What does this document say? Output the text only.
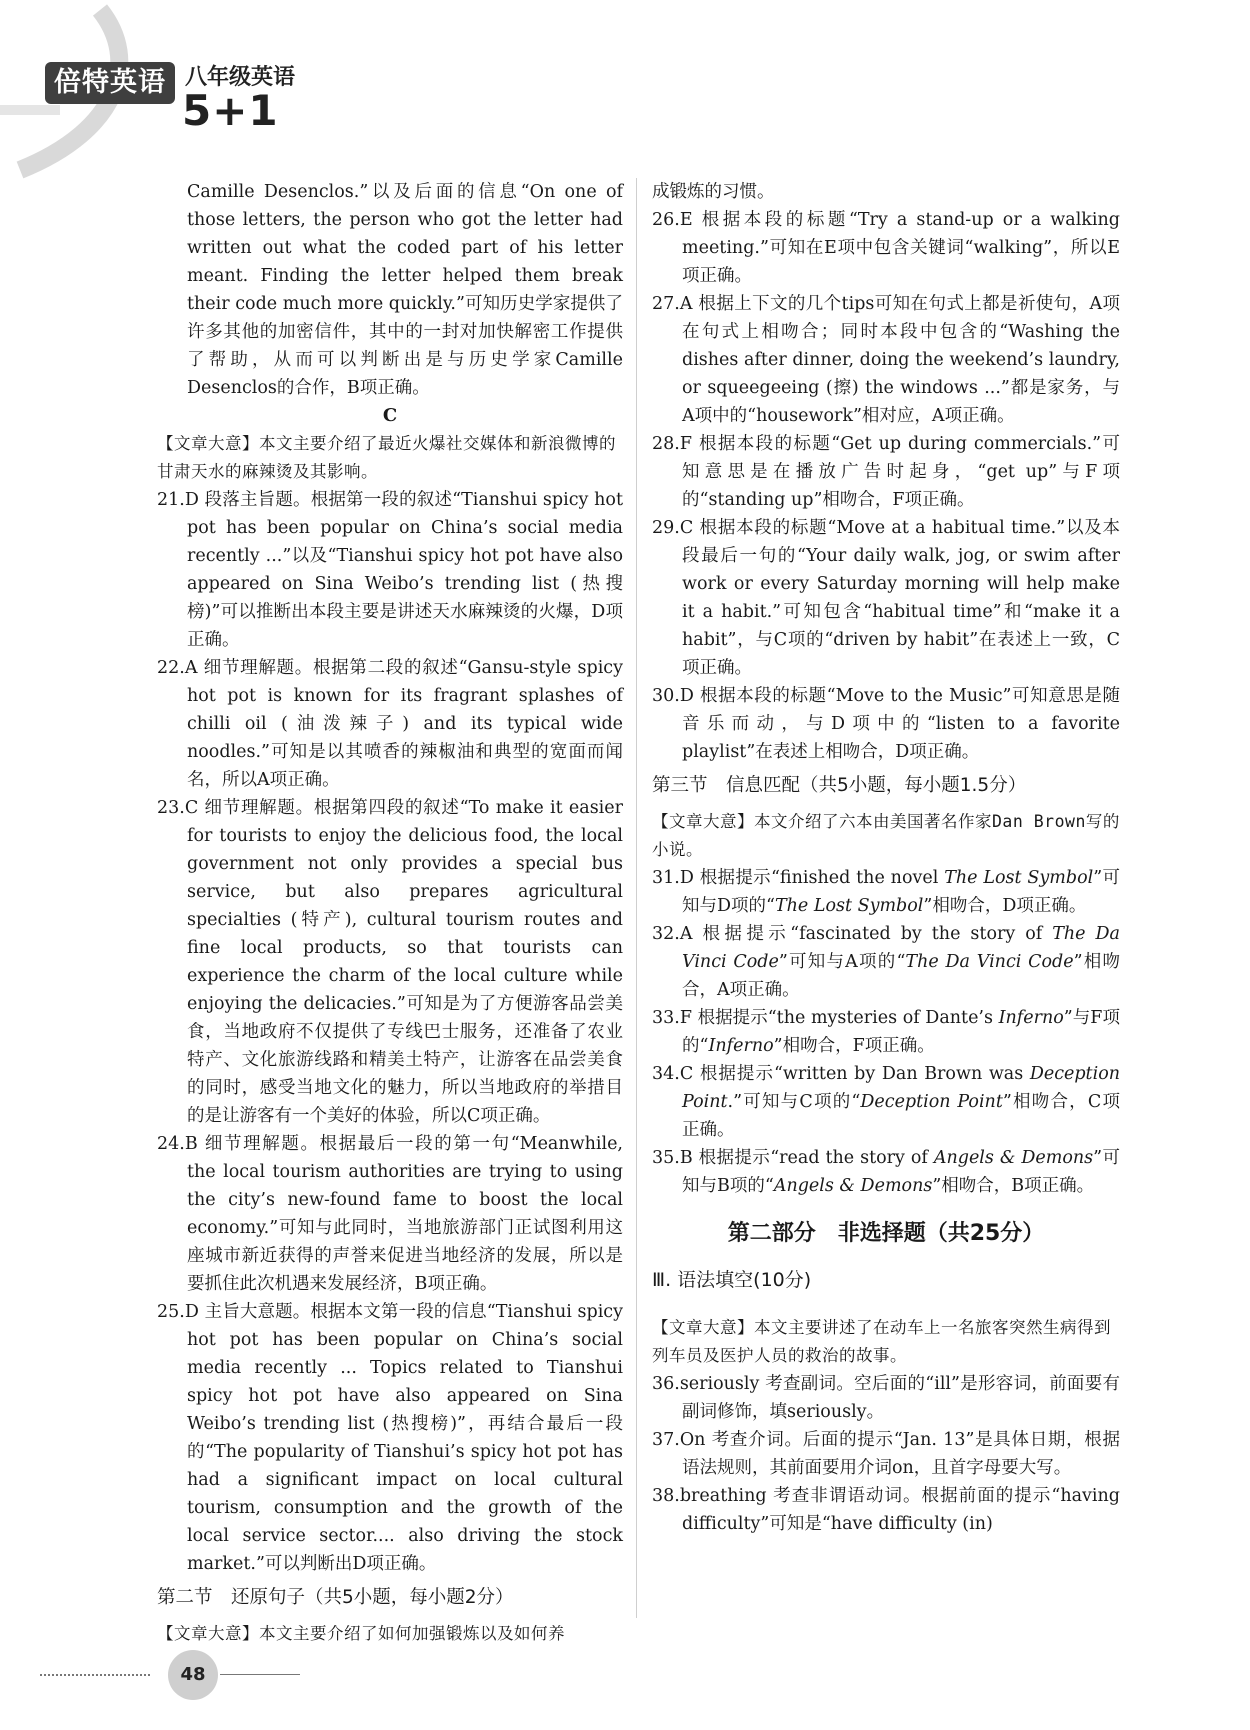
倍特英语 八年级英语
5+1

Camille Desenclos.”以及后面的信息“On one of those letters, the person who got the letter had written out what the coded part of his letter meant. Finding the letter helped them break their code much more quickly.”可知历史学家提供了许多其他的加密信件，其中的一封对加快解密工作提供了帮助，从而可以判断出是与历史学家Camille Desenclos的合作，B项正确。

C

【文章大意】本文主要介绍了最近火爆社交媒体和新浪微博的甘肃天水的麻辣烫及其影响。

21.D 段落主旨题。根据第一段的叙述“Tianshui spicy hot pot has been popular on China’s social media recently ...”以及“Tianshui spicy hot pot have also appeared on Sina Weibo’s trending list (热搜榜)”可以推断出本段主要是讲述天水麻辣烫的火爆，D项正确。

22.A 细节理解题。根据第二段的叙述“Gansu-style spicy hot pot is known for its fragrant splashes of chilli oil (油泼辣子) and its typical wide noodles.”可知是以其喷香的辣椒油和典型的宽面而闻名，所以A项正确。

23.C 细节理解题。根据第四段的叙述“To make it easier for tourists to enjoy the delicious food, the local government not only provides a special bus service, but also prepares agricultural specialties (特产), cultural tourism routes and fine local products, so that tourists can experience the charm of the local culture while enjoying the delicacies.”可知是为了方便游客品尝美食，当地政府不仅提供了专线巴士服务，还准备了农业特产、文化旅游线路和精美土特产，让游客在品尝美食的同时，感受当地文化的魅力，所以当地政府的举措目的是让游客有一个美好的体验，所以C项正确。

24.B 细节理解题。根据最后一段的第一句“Meanwhile, the local tourism authorities are trying to using the city’s new-found fame to boost the local economy.”可知与此同时，当地旅游部门正试图利用这座城市新近获得的声誉来促进当地经济的发展，所以是要抓住此次机遇来发展经济，B项正确。

25.D 主旨大意题。根据本文第一段的信息“Tianshui spicy hot pot has been popular on China’s social media recently ... Topics related to Tianshui spicy hot pot have also appeared on Sina Weibo’s trending list (热搜榜)”，再结合最后一段的“The popularity of Tianshui’s spicy hot pot has had a significant impact on local cultural tourism, consumption and the growth of the local service sector.... also driving the stock market.”可以判断出D项正确。

第二节　还原句子（共5小题，每小题2分）

【文章大意】本文主要介绍了如何加强锻炼以及如何养

成锻炼的习惯。

26.E 根据本段的标题“Try a stand-up or a walking meeting.”可知在E项中包含关键词“walking”，所以E项正确。

27.A 根据上下文的几个tips可知在句式上都是祈使句，A项在句式上相吻合；同时本段中包含的“Washing the dishes after dinner, doing the weekend’s laundry, or squeegeeing (擦) the windows ...”都是家务，与A项中的“housework”相对应，A项正确。

28.F 根据本段的标题“Get up during commercials.”可知意思是在播放广告时起身，“get up”与F项的“standing up”相吻合，F项正确。

29.C 根据本段的标题“Move at a habitual time.”以及本段最后一句的“Your daily walk, jog, or swim after work or every Saturday morning will help make it a habit.”可知包含“habitual time”和“make it a habit”，与C项的“driven by habit”在表述上一致，C项正确。

30.D 根据本段的标题“Move to the Music”可知意思是随音乐而动，与D项中的“listen to a favorite playlist”在表述上相吻合，D项正确。

第三节　信息匹配（共5小题，每小题1.5分）

【文章大意】本文介绍了六本由美国著名作家Dan Brown写的小说。

31.D 根据提示“finished the novel The Lost Symbol”可知与D项的“The Lost Symbol”相吻合，D项正确。

32.A 根据提示“fascinated by the story of The Da Vinci Code”可知与A项的“The Da Vinci Code”相吻合，A项正确。

33.F 根据提示“the mysteries of Dante’s Inferno”与F项的“Inferno”相吻合，F项正确。

34.C 根据提示“written by Dan Brown was Deception Point.”可知与C项的“Deception Point”相吻合，C项正确。

35.B 根据提示“read the story of Angels & Demons”可知与B项的“Angels & Demons”相吻合，B项正确。

第二部分　非选择题（共25分）

Ⅲ. 语法填空(10分)

【文章大意】本文主要讲述了在动车上一名旅客突然生病得到列车员及医护人员的救治的故事。

36.seriously 考查副词。空后面的“ill”是形容词，前面要有副词修饰，填seriously。

37.On 考查介词。后面的提示“Jan. 13”是具体日期，根据语法规则，其前面要用介词on，且首字母要大写。

38.breathing 考查非谓语动词。根据前面的提示“having difficulty”可知是“have difficulty (in)

48
